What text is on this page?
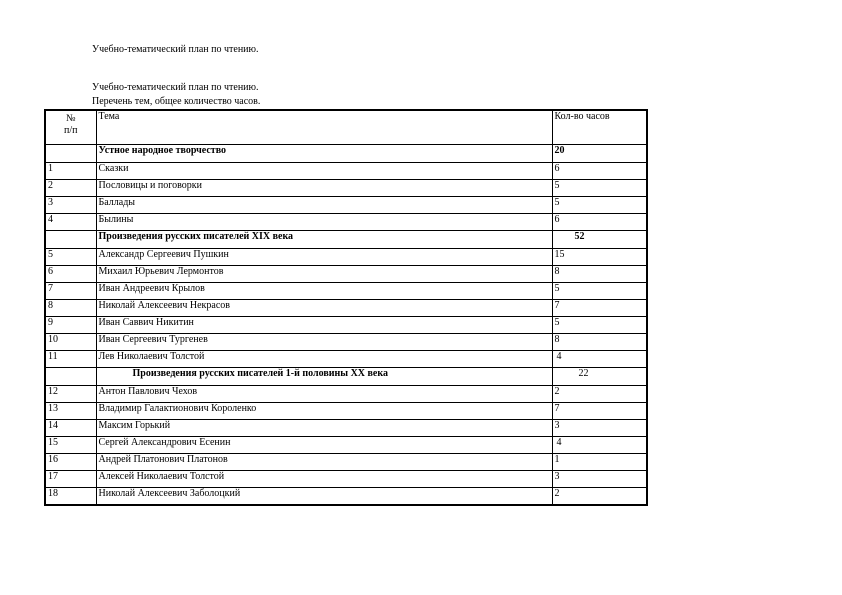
Учебно-тематический план по чтению.
Учебно-тематический план по чтению.
Перечень тем, общее количество часов.
№
п/п	Тема	Кол-во часов
	Устное народное творчество	20
1	Сказки	6
2	Пословицы и поговорки	5
3	Баллады	5
4	Былины	6
	Произведения русских писателей XIX века	52
5	Александр Сергеевич Пушкин	15
6	Михаил Юрьевич Лермонтов	8
7	Иван Андреевич Крылов	5
8	Николай Алексеевич Некрасов	7
9	Иван Саввич Никитин	5
10	Иван Сергеевич Тургенев	8
11	Лев Николаевич Толстой	4
	Произведения русских писателей 1-й половины XX века	22
12	Антон Павлович Чехов	2
13	Владимир Галактионович Короленко	7
14	Максим Горький	3
15	Сергей Александрович Есенин	4
16	Андрей Платонович Платонов	1
17	Алексей Николаевич Толстой	3
18	Николай Алексеевич Заболоцкий	2
